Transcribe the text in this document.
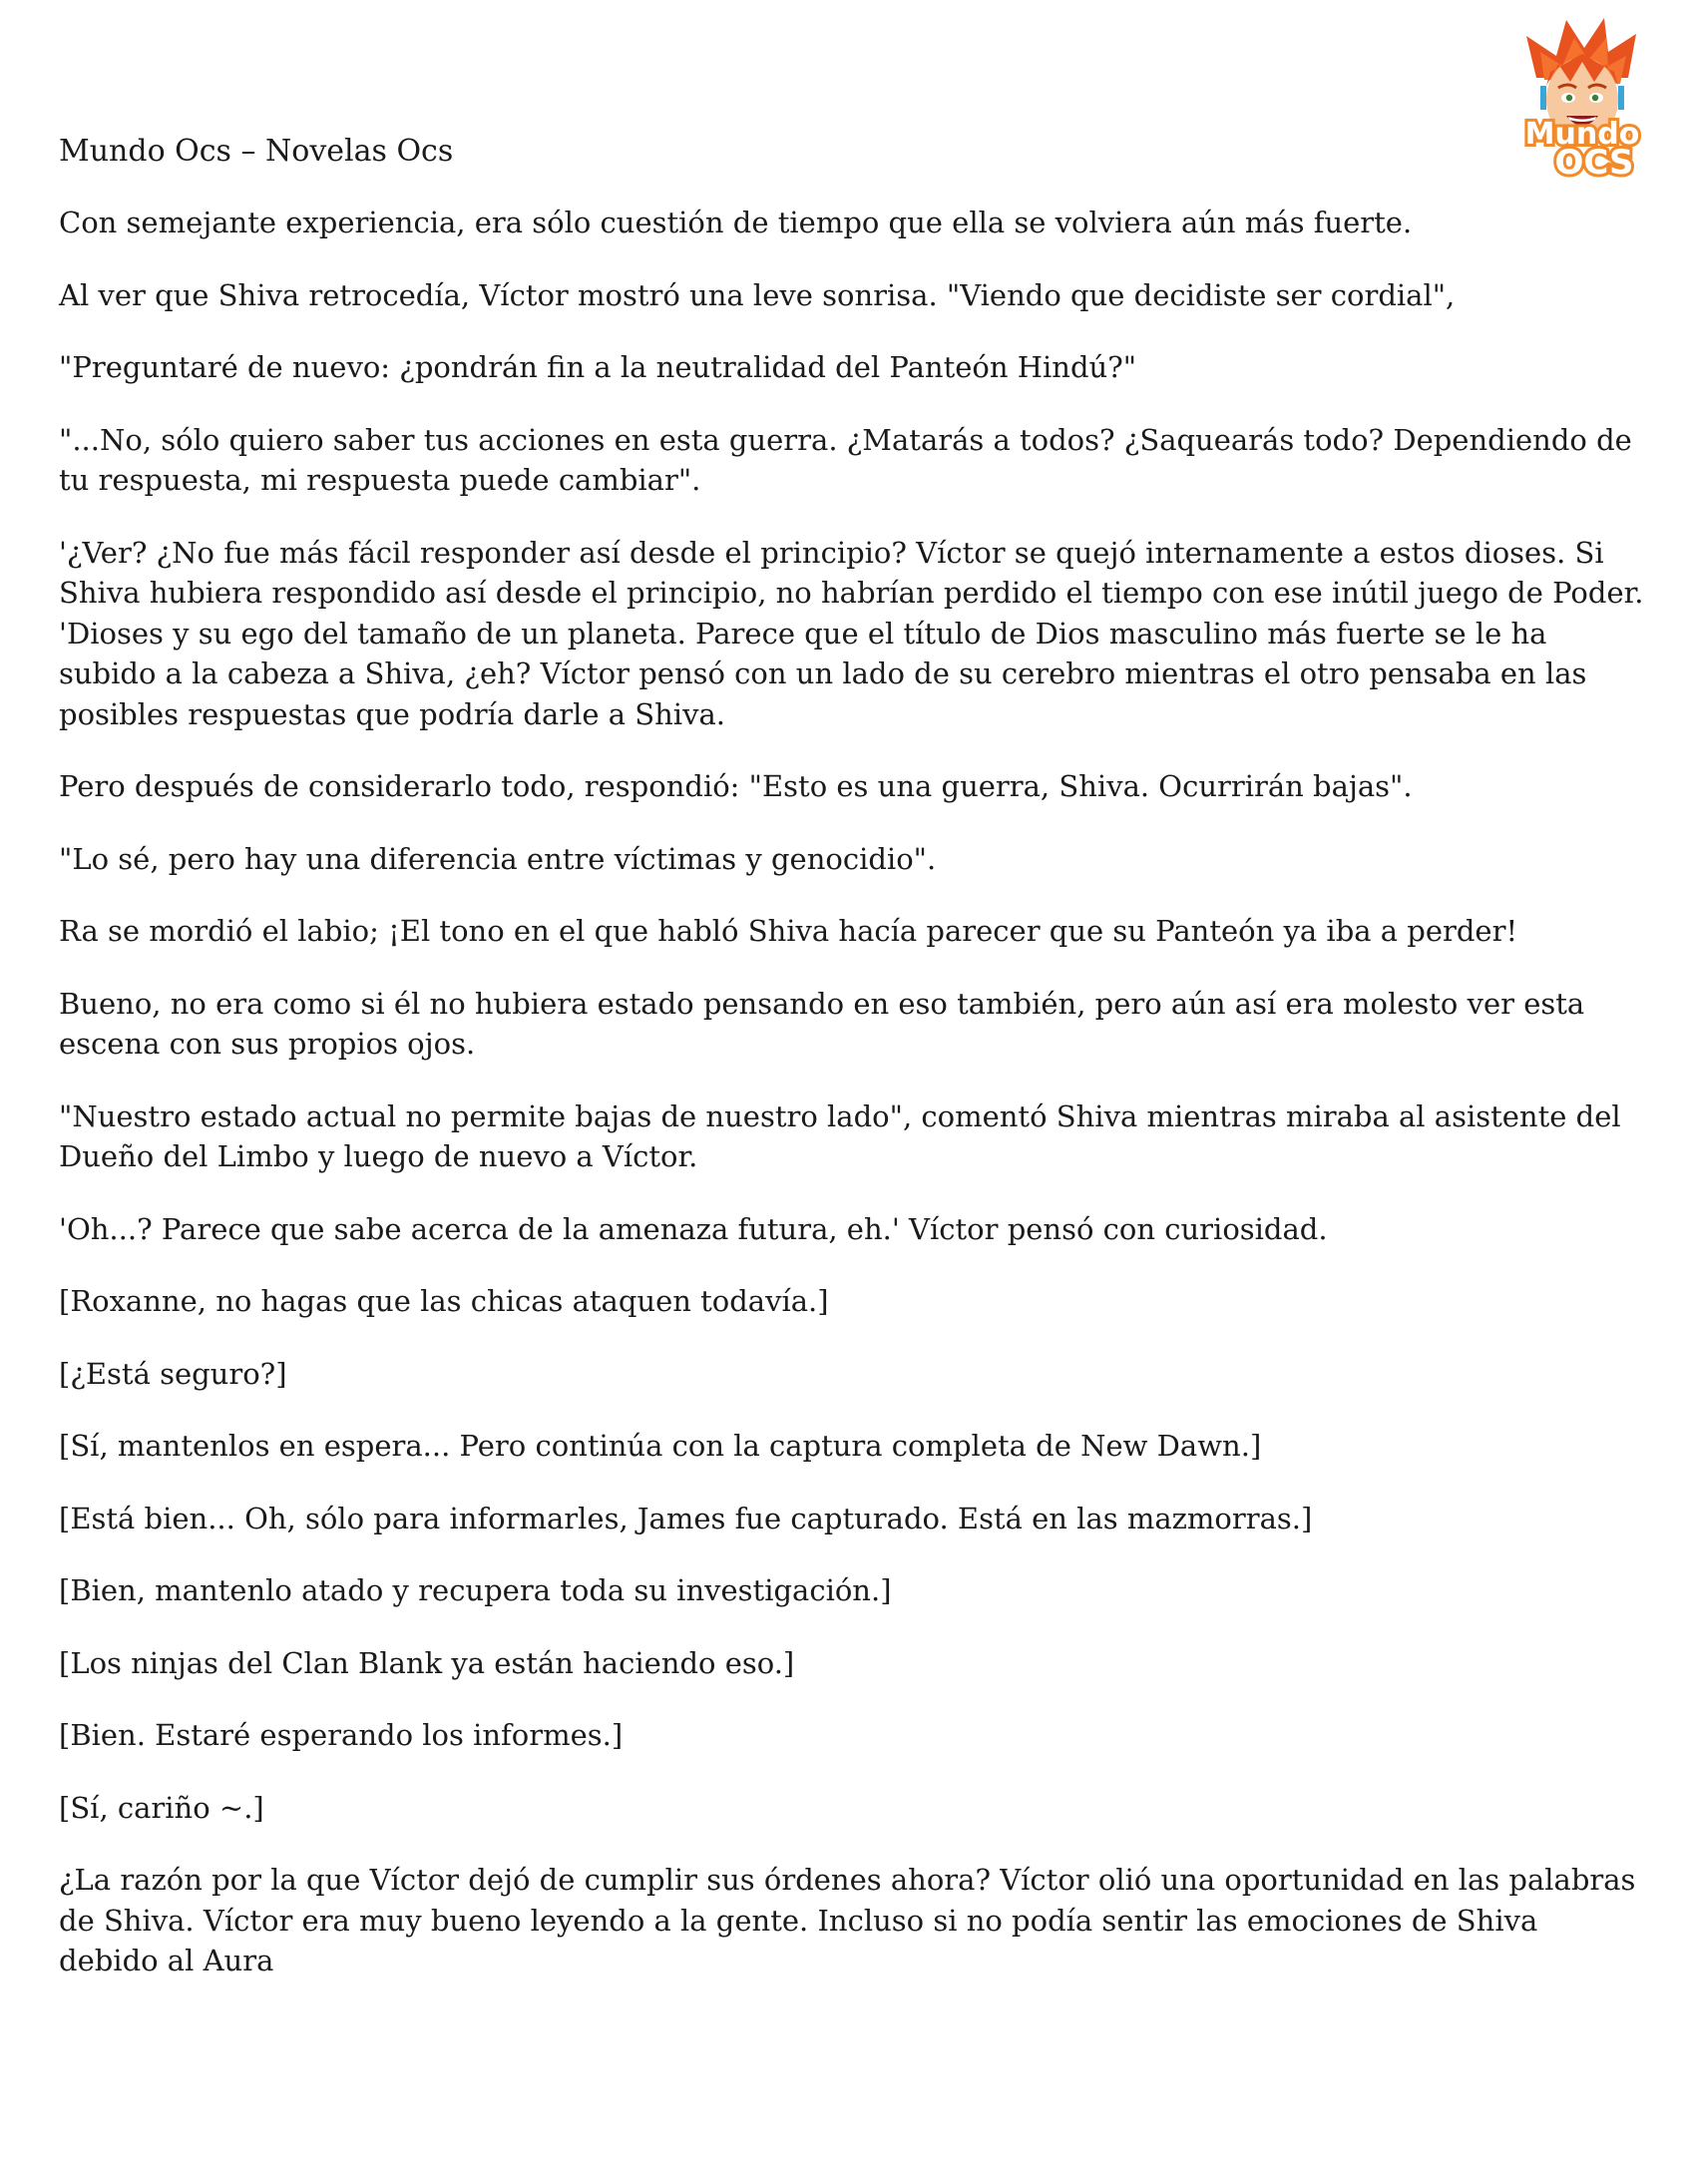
Mundo Ocs – Novelas Ocs	Mundo
OCS

Con semejante experiencia, era sólo cuestión de tiempo que ella se volviera aún más fuerte.

Al ver que Shiva retrocedía, Víctor mostró una leve sonrisa. "Viendo que decidiste ser cordial",

"Preguntaré de nuevo: ¿pondrán fin a la neutralidad del Panteón Hindú?"

"...No, sólo quiero saber tus acciones en esta guerra. ¿Matarás a todos? ¿Saquearás todo? Dependiendo de tu respuesta, mi respuesta puede cambiar".

'¿Ver? ¿No fue más fácil responder así desde el principio? Víctor se quejó internamente a estos dioses. Si Shiva hubiera respondido así desde el principio, no habrían perdido el tiempo con ese inútil juego de Poder. 'Dioses y su ego del tamaño de un planeta. Parece que el título de Dios masculino más fuerte se le ha subido a la cabeza a Shiva, ¿eh? Víctor pensó con un lado de su cerebro mientras el otro pensaba en las posibles respuestas que podría darle a Shiva.

Pero después de considerarlo todo, respondió: "Esto es una guerra, Shiva. Ocurrirán bajas".

"Lo sé, pero hay una diferencia entre víctimas y genocidio".

Ra se mordió el labio; ¡El tono en el que habló Shiva hacía parecer que su Panteón ya iba a perder!

Bueno, no era como si él no hubiera estado pensando en eso también, pero aún así era molesto ver esta escena con sus propios ojos.

"Nuestro estado actual no permite bajas de nuestro lado", comentó Shiva mientras miraba al asistente del Dueño del Limbo y luego de nuevo a Víctor.

'Oh...? Parece que sabe acerca de la amenaza futura, eh.' Víctor pensó con curiosidad.

[Roxanne, no hagas que las chicas ataquen todavía.]

[¿Está seguro?]

[Sí, mantenlos en espera... Pero continúa con la captura completa de New Dawn.]

[Está bien... Oh, sólo para informarles, James fue capturado. Está en las mazmorras.]

[Bien, mantenlo atado y recupera toda su investigación.]

[Los ninjas del Clan Blank ya están haciendo eso.]

[Bien. Estaré esperando los informes.]

[Sí, cariño ~.]

¿La razón por la que Víctor dejó de cumplir sus órdenes ahora? Víctor olió una oportunidad en las palabras de Shiva. Víctor era muy bueno leyendo a la gente. Incluso si no podía sentir las emociones de Shiva debido al Aura
